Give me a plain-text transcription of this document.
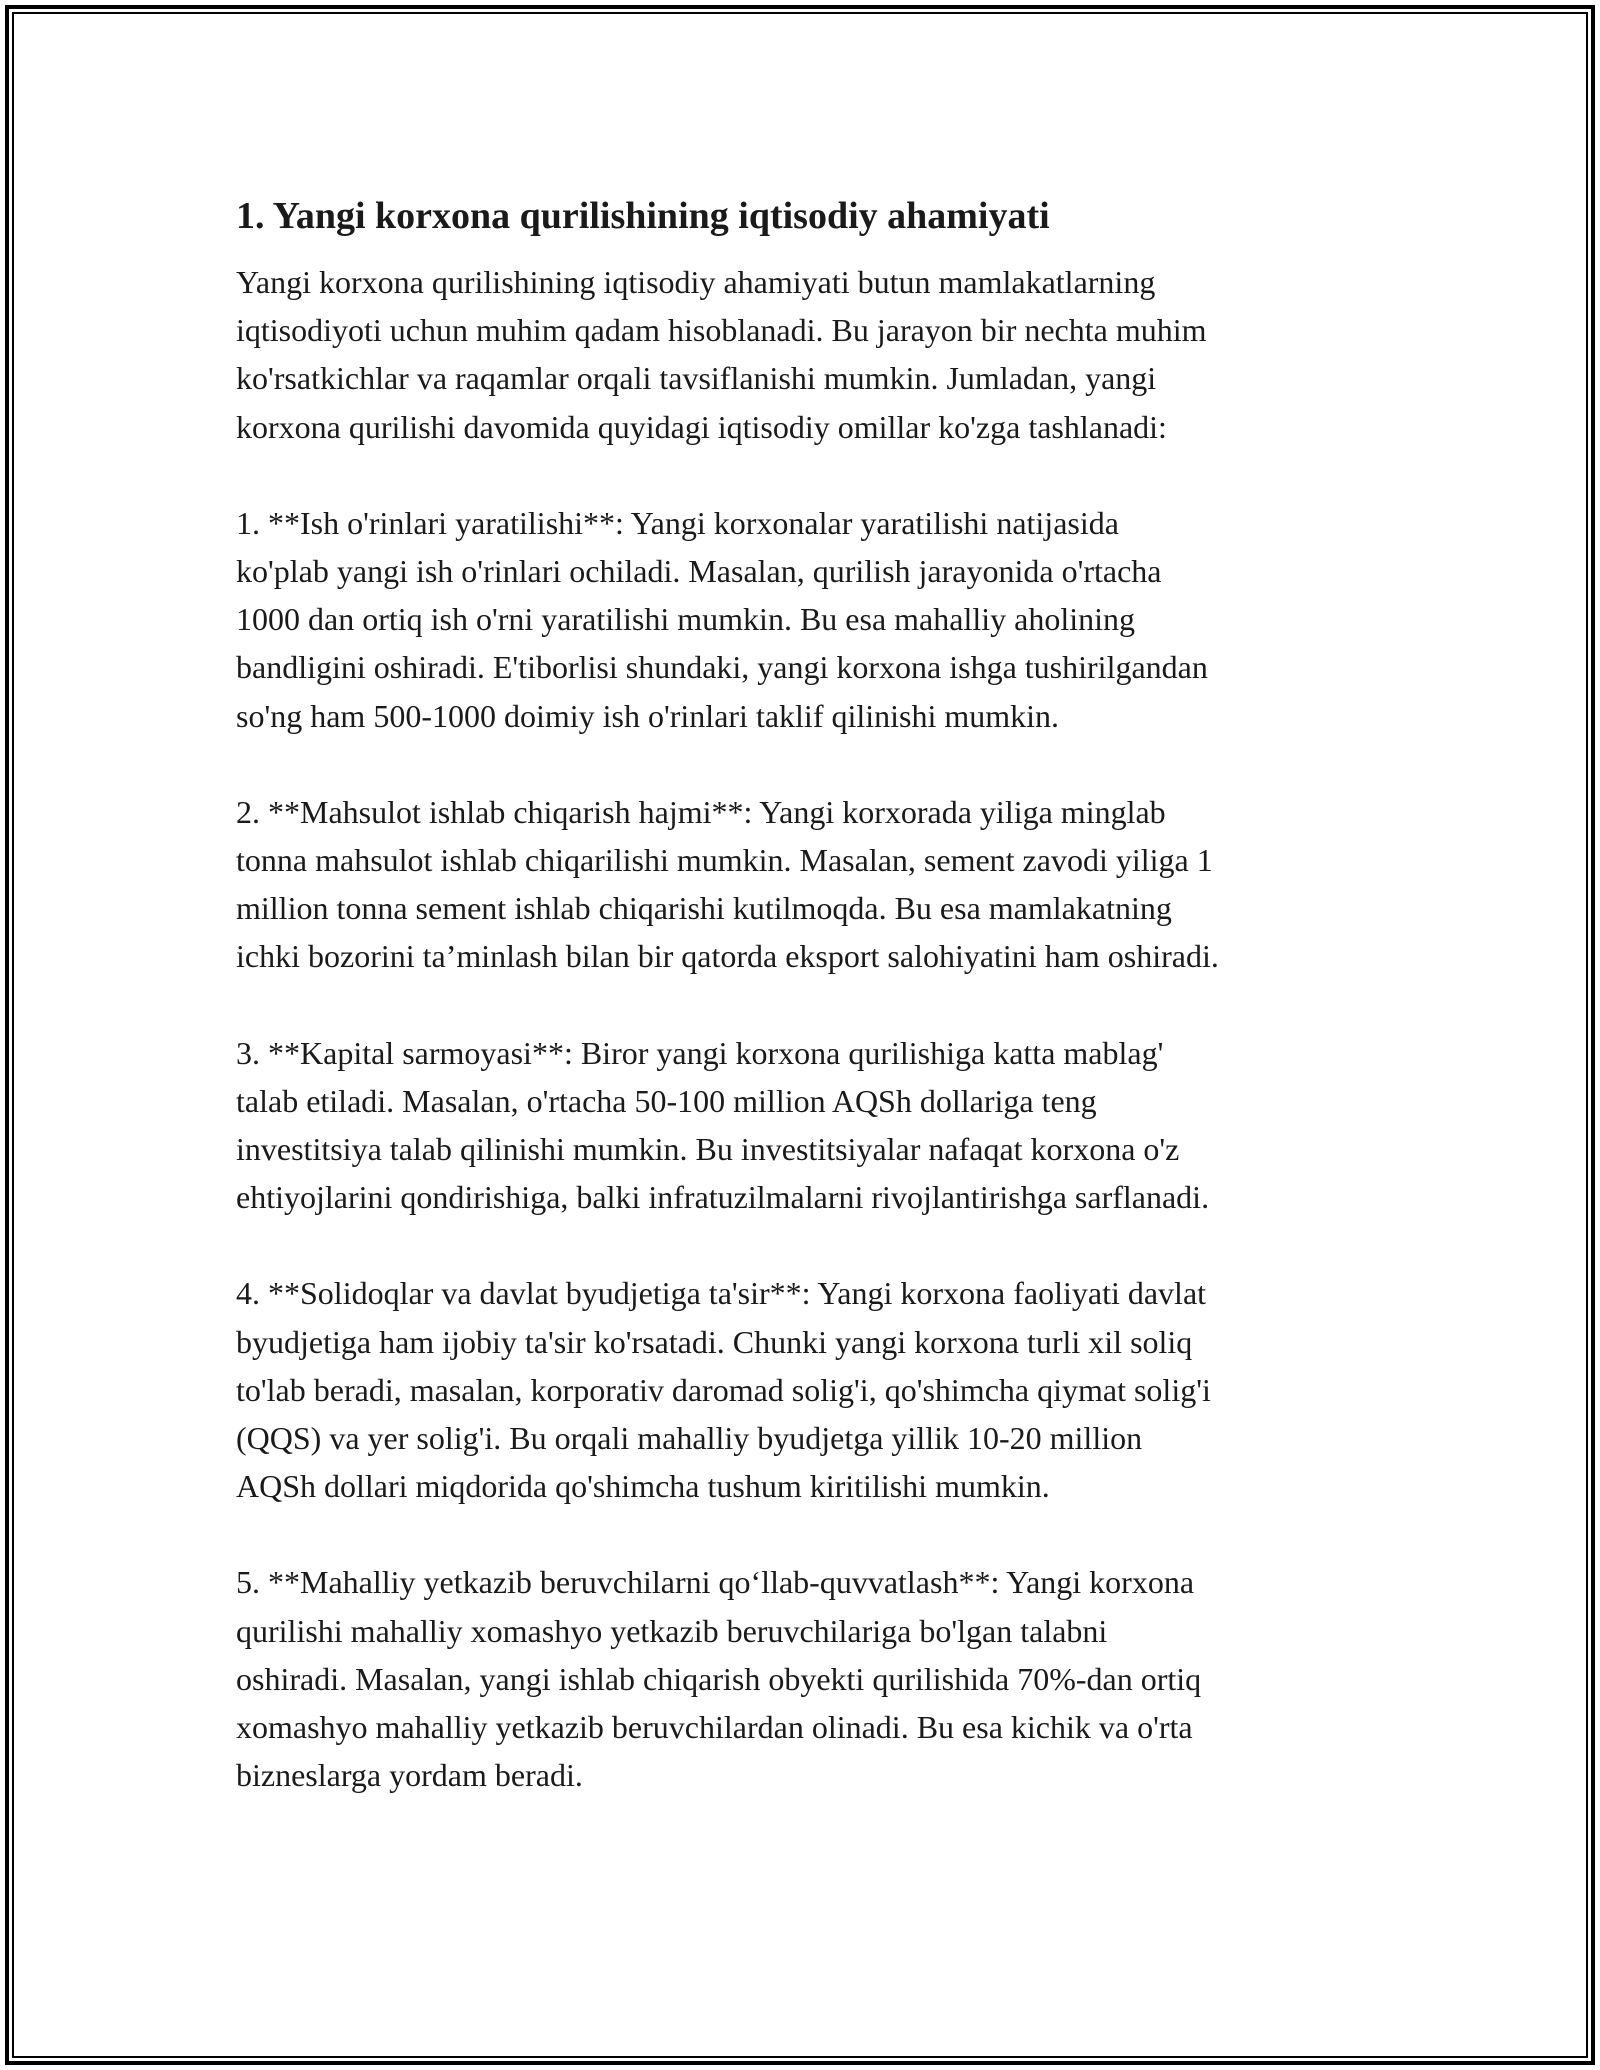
1. Yangi korxona qurilishining iqtisodiy ahamiyati

Yangi korxona qurilishining iqtisodiy ahamiyati butun mamlakatlarning
iqtisodiyoti uchun muhim qadam hisoblanadi. Bu jarayon bir nechta muhim
ko'rsatkichlar va raqamlar orqali tavsiflanishi mumkin. Jumladan, yangi
korxona qurilishi davomida quyidagi iqtisodiy omillar ko'zga tashlanadi:

1. **Ish o'rinlari yaratilishi**: Yangi korxonalar yaratilishi natijasida
ko'plab yangi ish o'rinlari ochiladi. Masalan, qurilish jarayonida o'rtacha
1000 dan ortiq ish o'rni yaratilishi mumkin. Bu esa mahalliy aholining
bandligini oshiradi. E'tiborlisi shundaki, yangi korxona ishga tushirilgandan
so'ng ham 500-1000 doimiy ish o'rinlari taklif qilinishi mumkin.

2. **Mahsulot ishlab chiqarish hajmi**: Yangi korxorada yiliga minglab
tonna mahsulot ishlab chiqarilishi mumkin. Masalan, sement zavodi yiliga 1
million tonna sement ishlab chiqarishi kutilmoqda. Bu esa mamlakatning
ichki bozorini ta’minlash bilan bir qatorda eksport salohiyatini ham oshiradi.

3. **Kapital sarmoyasi**: Biror yangi korxona qurilishiga katta mablag'
talab etiladi. Masalan, o'rtacha 50-100 million AQSh dollariga teng
investitsiya talab qilinishi mumkin. Bu investitsiyalar nafaqat korxona o'z
ehtiyojlarini qondirishiga, balki infratuzilmalarni rivojlantirishga sarflanadi.

4. **Solidoqlar va davlat byudjetiga ta'sir**: Yangi korxona faoliyati davlat
byudjetiga ham ijobiy ta'sir ko'rsatadi. Chunki yangi korxona turli xil soliq
to'lab beradi, masalan, korporativ daromad solig'i, qo'shimcha qiymat solig'i
(QQS) va yer solig'i. Bu orqali mahalliy byudjetga yillik 10-20 million
AQSh dollari miqdorida qo'shimcha tushum kiritilishi mumkin.

5. **Mahalliy yetkazib beruvchilarni qo‘llab-quvvatlash**: Yangi korxona
qurilishi mahalliy xomashyo yetkazib beruvchilariga bo'lgan talabni
oshiradi. Masalan, yangi ishlab chiqarish obyekti qurilishida 70%-dan ortiq
xomashyo mahalliy yetkazib beruvchilardan olinadi. Bu esa kichik va o'rta
bizneslarga yordam beradi.
